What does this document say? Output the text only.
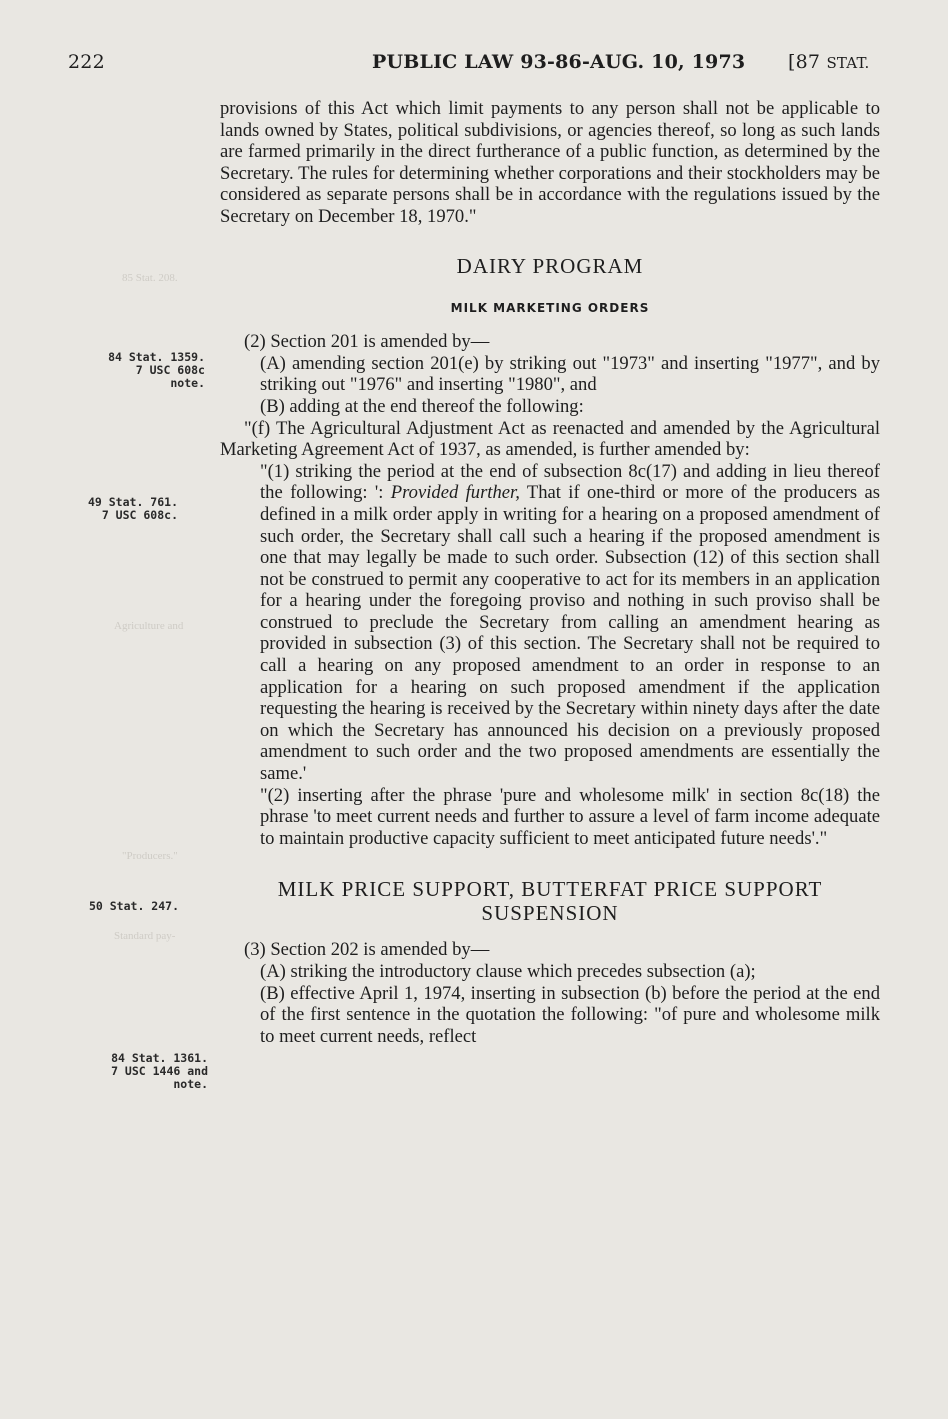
222	PUBLIC LAW 93-86-AUG. 10, 1973 [87 STAT.
85 Stat. 208.
Agriculture and
"Producers."
Standard pay-
84 Stat. 1359.
7 USC 608c
note.
49 Stat. 761.
7 USC 608c.
50 Stat. 247.
84 Stat. 1361.
7 USC 1446 and
note.

provisions of this Act which limit payments to any person shall not be applicable to lands owned by States, political subdivisions, or agencies thereof, so long as such lands are farmed primarily in the direct furtherance of a public function, as determined by the Secretary. The rules for determining whether corporations and their stockholders may be considered as separate persons shall be in accordance with the regulations issued by the Secretary on December 18, 1970."

DAIRY PROGRAM

MILK MARKETING ORDERS

(2) Section 201 is amended by—

(A) amending section 201(e) by striking out "1973" and inserting "1977", and by striking out "1976" and inserting "1980", and

(B) adding at the end thereof the following:

"(f) The Agricultural Adjustment Act as reenacted and amended by the Agricultural Marketing Agreement Act of 1937, as amended, is further amended by:

"(1) striking the period at the end of subsection 8c(17) and adding in lieu thereof the following: ': Provided further, That if one-third or more of the producers as defined in a milk order apply in writing for a hearing on a proposed amendment of such order, the Secretary shall call such a hearing if the proposed amendment is one that may legally be made to such order. Subsection (12) of this section shall not be construed to permit any cooperative to act for its members in an application for a hearing under the foregoing proviso and nothing in such proviso shall be construed to preclude the Secretary from calling an amendment hearing as provided in subsection (3) of this section. The Secretary shall not be required to call a hearing on any proposed amendment to an order in response to an application for a hearing on such proposed amendment if the application requesting the hearing is received by the Secretary within ninety days after the date on which the Secretary has announced his decision on a previously proposed amendment to such order and the two proposed amendments are essentially the same.'

"(2) inserting after the phrase 'pure and wholesome milk' in section 8c(18) the phrase 'to meet current needs and further to assure a level of farm income adequate to maintain productive capacity sufficient to meet anticipated future needs'."

MILK PRICE SUPPORT, BUTTERFAT PRICE SUPPORT SUSPENSION

(3) Section 202 is amended by—

(A) striking the introductory clause which precedes subsection (a);

(B) effective April 1, 1974, inserting in subsection (b) before the period at the end of the first sentence in the quotation the following: "of pure and wholesome milk to meet current needs, reflect
